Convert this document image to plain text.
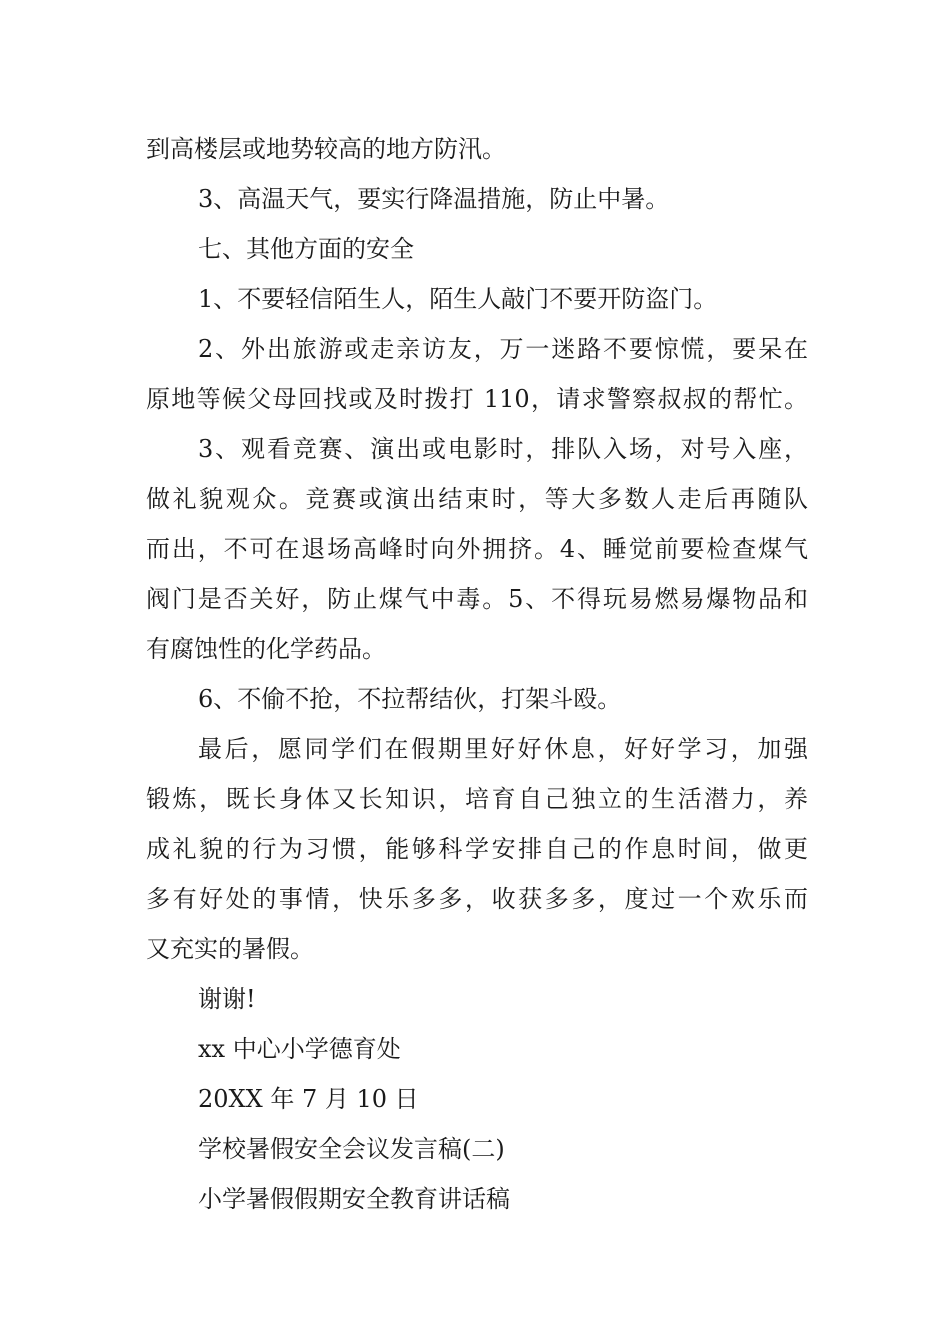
到高楼层或地势较高的地方防汛。
3、高温天气，要实行降温措施，防止中暑。
七、其他方面的安全
1、不要轻信陌生人，陌生人敲门不要开防盗门。
2、外出旅游或走亲访友，万一迷路不要惊慌，要呆在
原地等候父母回找或及时拨打 110，请求警察叔叔的帮忙。
3、观看竞赛、演出或电影时，排队入场，对号入座，
做礼貌观众。竞赛或演出结束时，等大多数人走后再随队
而出，不可在退场高峰时向外拥挤。4、睡觉前要检查煤气
阀门是否关好，防止煤气中毒。5、不得玩易燃易爆物品和
有腐蚀性的化学药品。
6、不偷不抢，不拉帮结伙，打架斗殴。
最后，愿同学们在假期里好好休息，好好学习，加强
锻炼，既长身体又长知识，培育自己独立的生活潜力，养
成礼貌的行为习惯，能够科学安排自己的作息时间，做更
多有好处的事情，快乐多多，收获多多，度过一个欢乐而
又充实的暑假。
谢谢!
xx 中心小学德育处
20XX 年 7 月 10 日
学校暑假安全会议发言稿(二)
小学暑假假期安全教育讲话稿
